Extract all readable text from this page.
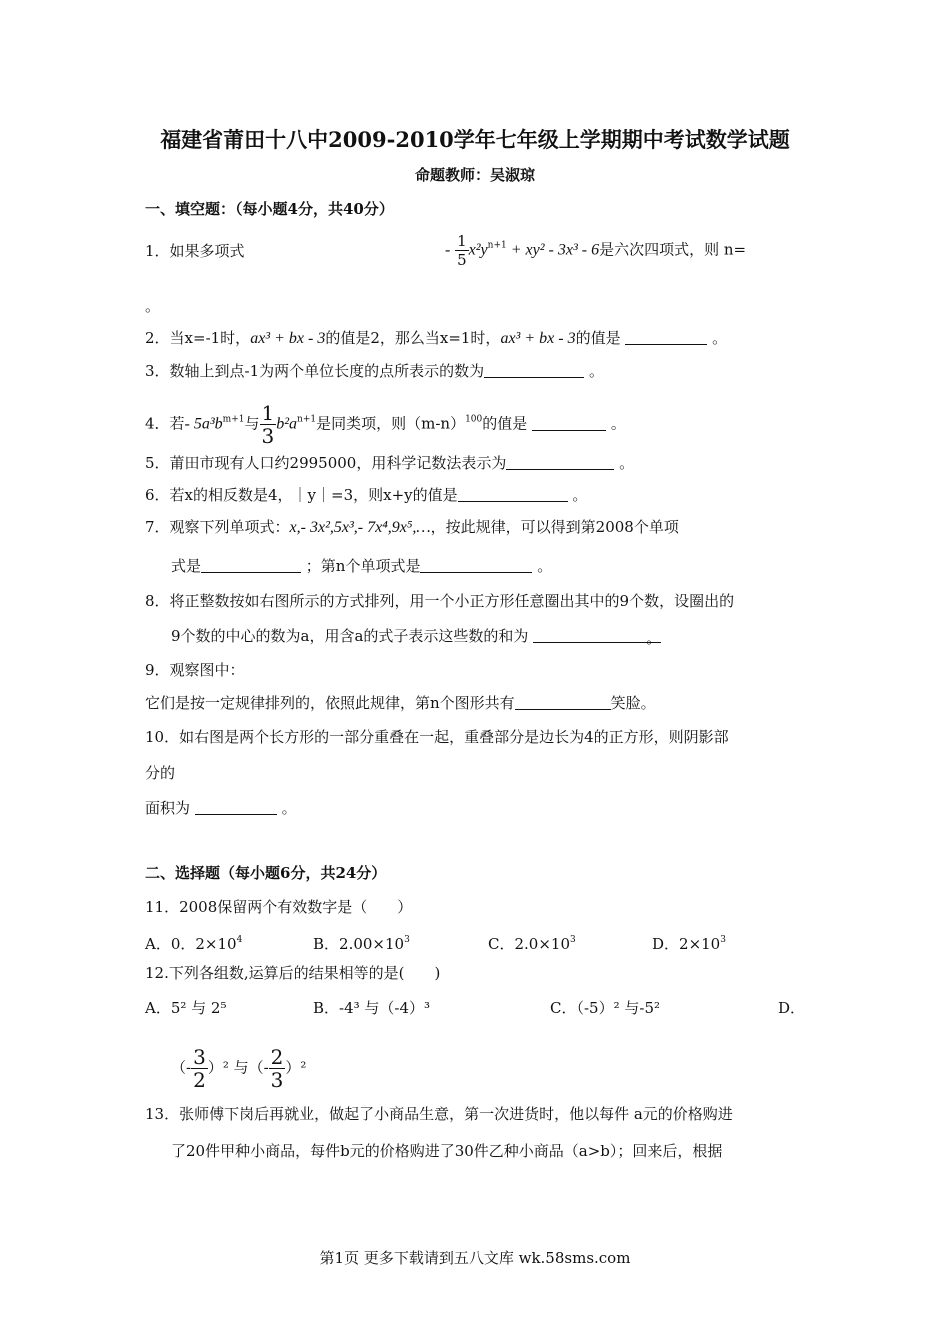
福建省莆田十八中2009-2010学年七年级上学期期中考试数学试题
命题教师：吴淑琼
一、填空题：（每小题4分，共40分）
1．如果多项式	- $\frac{1}{5} x^2y^{n+1} + xy^2 - 3x^3 - 6$是六次四项式，则 n=
。
2．当x=-1时，ax³ + bx - 3的值是2，那么当x=1时，ax³ + bx - 3的值是	。
3．数轴上到点-1为两个单位长度的点所表示的数为	。
4．若- $5a^3b^{m+1}$与 $\frac{1}{3} b^2a^{n+1}$是同类项，则$(m-n)^{100}$的值是	。
5．莆田市现有人口约2995000，用科学记数法表示为	。
6．若x的相反数是4，｜y｜=3，则x+y的值是	。
7．观察下列单项式：x,- 3x²,5x³,- 7x⁴,9x⁵,…，按此规律，可以得到第2008个单项
式是	；第n个单项式是	。
8．将正整数按如右图所示的方式排列，用一个小正方形任意圈出其中的9个数，设圈出的
9个数的中心的数为a，用含a的式子表示这些数的和为	。
9．观察图中：
它们是按一定规律排列的，依照此规律，第n个图形共有	笑脸。
10．如右图是两个长方形的一部分重叠在一起，重叠部分是边长为4的正方形，则阴影部
分的
面积为	。
二、选择题（每小题6分，共24分）
11．2008保留两个有效数字是（　　）
A．0．$2\times 10^4$	B．$2.00\times 10^3$	C．$2.0\times 10^3$	D．$2\times 10^3$
12.下列各组数,运算后的结果相等的是(　　)
A．5² 与 2⁵	B．-4³ 与（-4）³	C．（-5）² 与-5²	D．
（- $\frac{3}{2} )^2$ 与（- $\frac{2}{3} )^2$
13．张师傅下岗后再就业，做起了小商品生意，第一次进货时，他以每件 a元的价格购进
了20件甲种小商品，每件b元的价格购进了30件乙种小商品（a>b）；回来后，根据
第1页 更多下载请到五八文库 wk.58sms.com
